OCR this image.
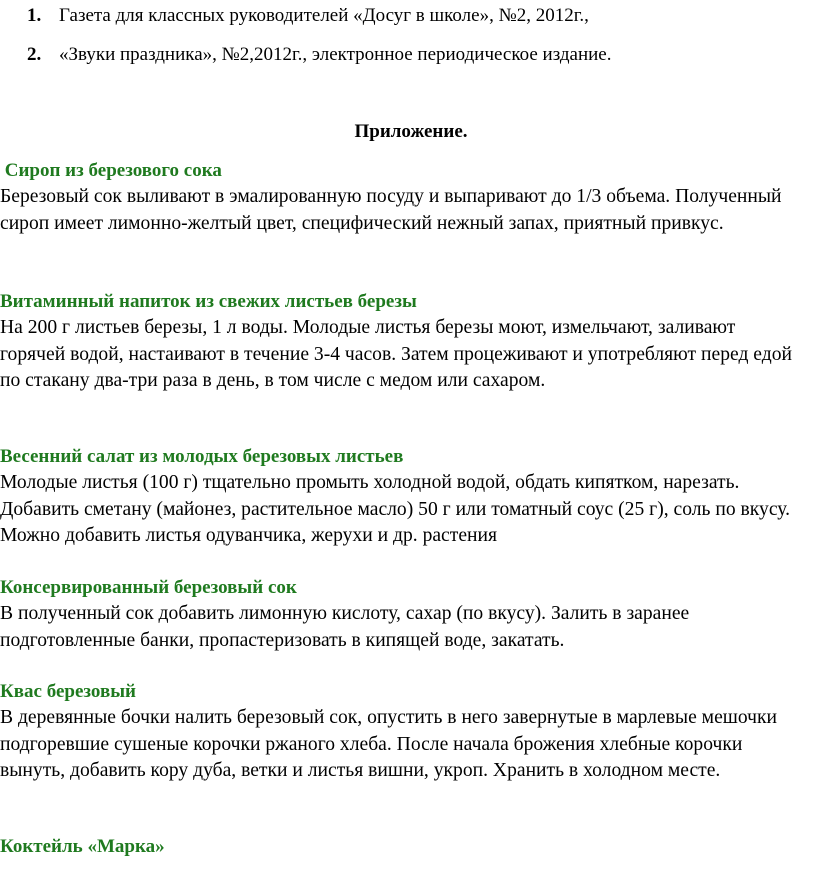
1. Газета для классных руководителей «Досуг в школе», №2, 2012г.,
2. «Звуки праздника», №2,2012г., электронное периодическое издание.
Приложение.

Сироп из березового сока

Березовый сок выливают в эмалированную посуду и выпаривают до 1/3 объема. Полученный сироп имеет лимонно-желтый цвет, специфический нежный запах, приятный привкус.

Витаминный напиток из свежих листьев березы

На 200 г листьев березы, 1 л воды. Молодые листья березы моют, измельчают, заливают горячей водой, настаивают в течение 3-4 часов. Затем процеживают и употребляют перед едой по стакану два-три раза в день, в том числе с медом или сахаром.

Весенний салат из молодых березовых листьев

Молодые листья (100 г) тщательно промыть холодной водой, обдать кипятком, нарезать. Добавить сметану (майонез, растительное масло) 50 г или томатный соус (25 г), соль по вкусу. Можно добавить листья одуванчика, жерухи и др. растения

Консервированный березовый сок

В полученный сок добавить лимонную кислоту, сахар (по вкусу). Залить в заранее подготовленные банки, пропастеризовать в кипящей воде, закатать.

Квас березовый

В деревянные бочки налить березовый сок, опустить в него завернутые в марлевые мешочки подгоревшие сушеные корочки ржаного хлеба. После начала брожения хлебные корочки вынуть, добавить кору дуба, ветки и листья вишни, укроп. Хранить в холодном месте.

Коктейль «Марка»
